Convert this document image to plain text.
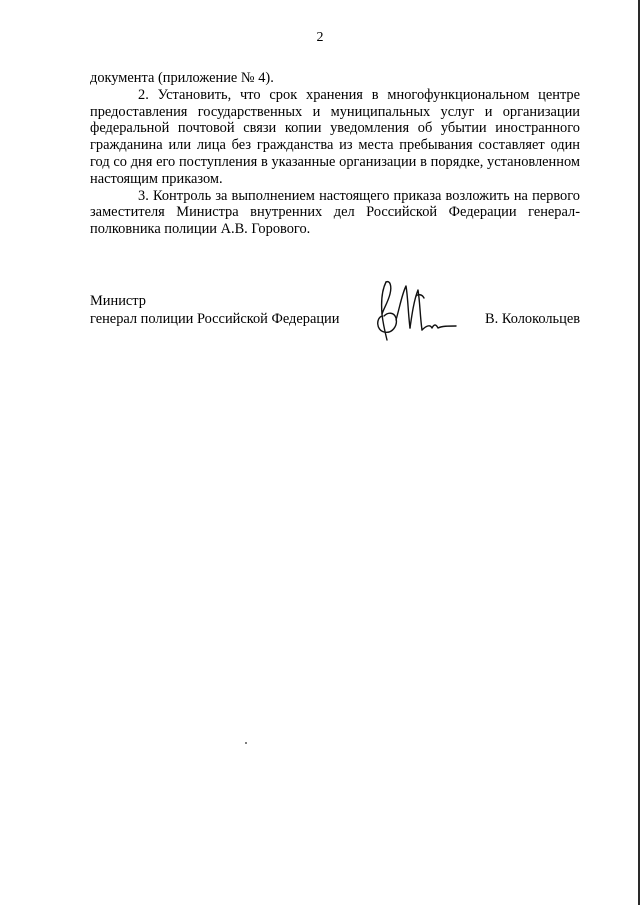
2

документа (приложение № 4).

2. Установить, что срок хранения в многофункциональном центре предоставления государственных и муниципальных услуг и организации федеральной почтовой связи копии уведомления об убытии иностранного гражданина или лица без гражданства из места пребывания составляет один год со дня его поступления в указанные организации в порядке, установленном настоящим приказом.

3. Контроль за выполнением настоящего приказа возложить на первого заместителя Министра внутренних дел Российской Федерации генерал-полковника полиции А.В. Горового.

Министр
генерал полиции Российской Федерации	В. Колокольцев
